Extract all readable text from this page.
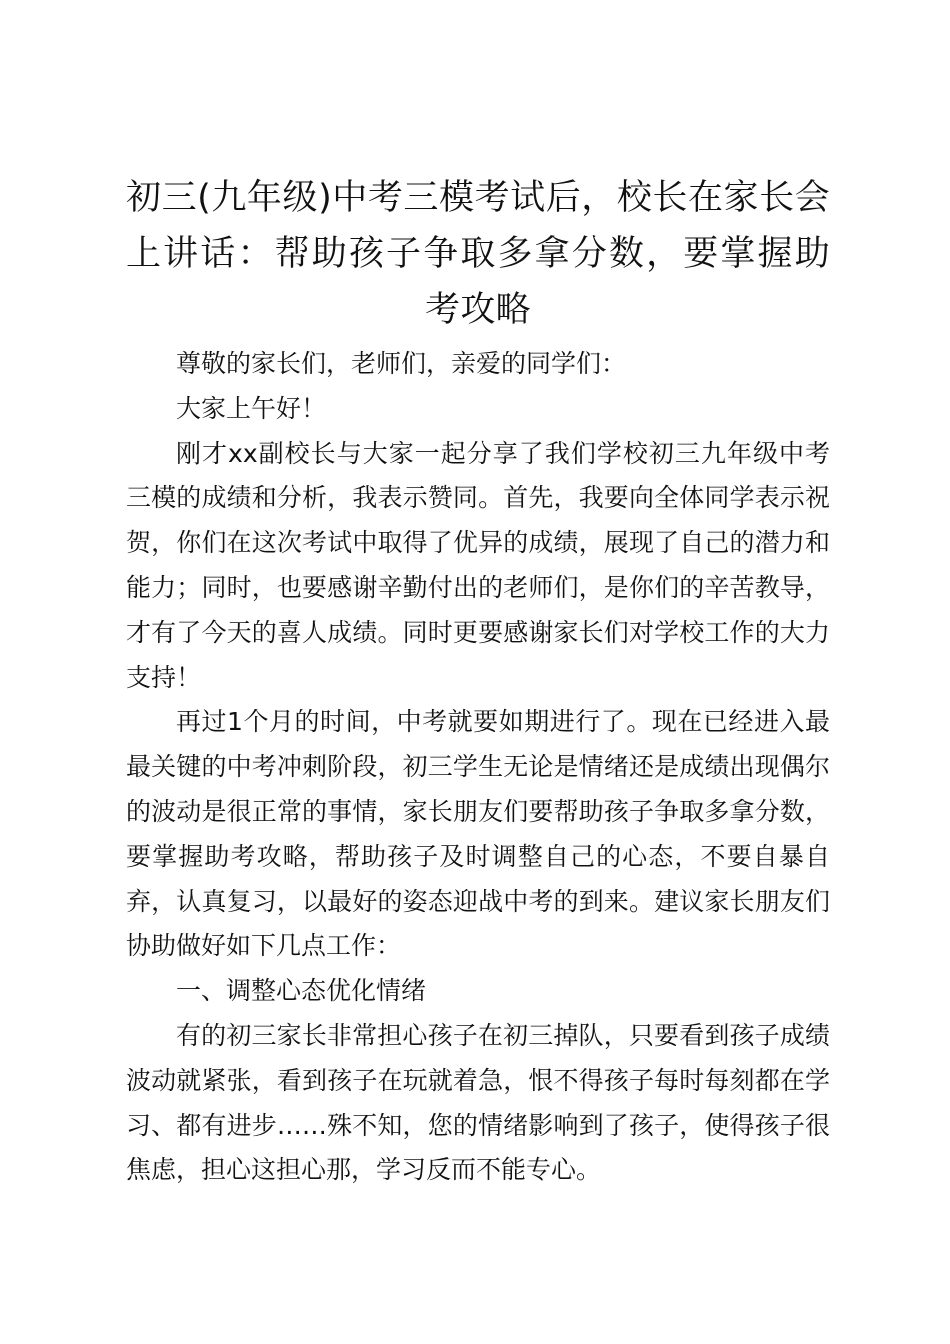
初三(九年级)中考三模考试后，校长在家长会上讲话：帮助孩子争取多拿分数，要掌握助考攻略

尊敬的家长们，老师们，亲爱的同学们：

大家上午好！

刚才xx副校长与大家一起分享了我们学校初三九年级中考三模的成绩和分析，我表示赞同。首先，我要向全体同学表示祝贺，你们在这次考试中取得了优异的成绩，展现了自己的潜力和能力；同时，也要感谢辛勤付出的老师们，是你们的辛苦教导，才有了今天的喜人成绩。同时更要感谢家长们对学校工作的大力支持！

再过1个月的时间，中考就要如期进行了。现在已经进入最最关键的中考冲刺阶段，初三学生无论是情绪还是成绩出现偶尔的波动是很正常的事情，家长朋友们要帮助孩子争取多拿分数，要掌握助考攻略，帮助孩子及时调整自己的心态，不要自暴自弃，认真复习，以最好的姿态迎战中考的到来。建议家长朋友们协助做好如下几点工作：

一、调整心态优化情绪

有的初三家长非常担心孩子在初三掉队，只要看到孩子成绩波动就紧张，看到孩子在玩就着急，恨不得孩子每时每刻都在学习、都有进步……殊不知，您的情绪影响到了孩子，使得孩子很焦虑，担心这担心那，学习反而不能专心。
